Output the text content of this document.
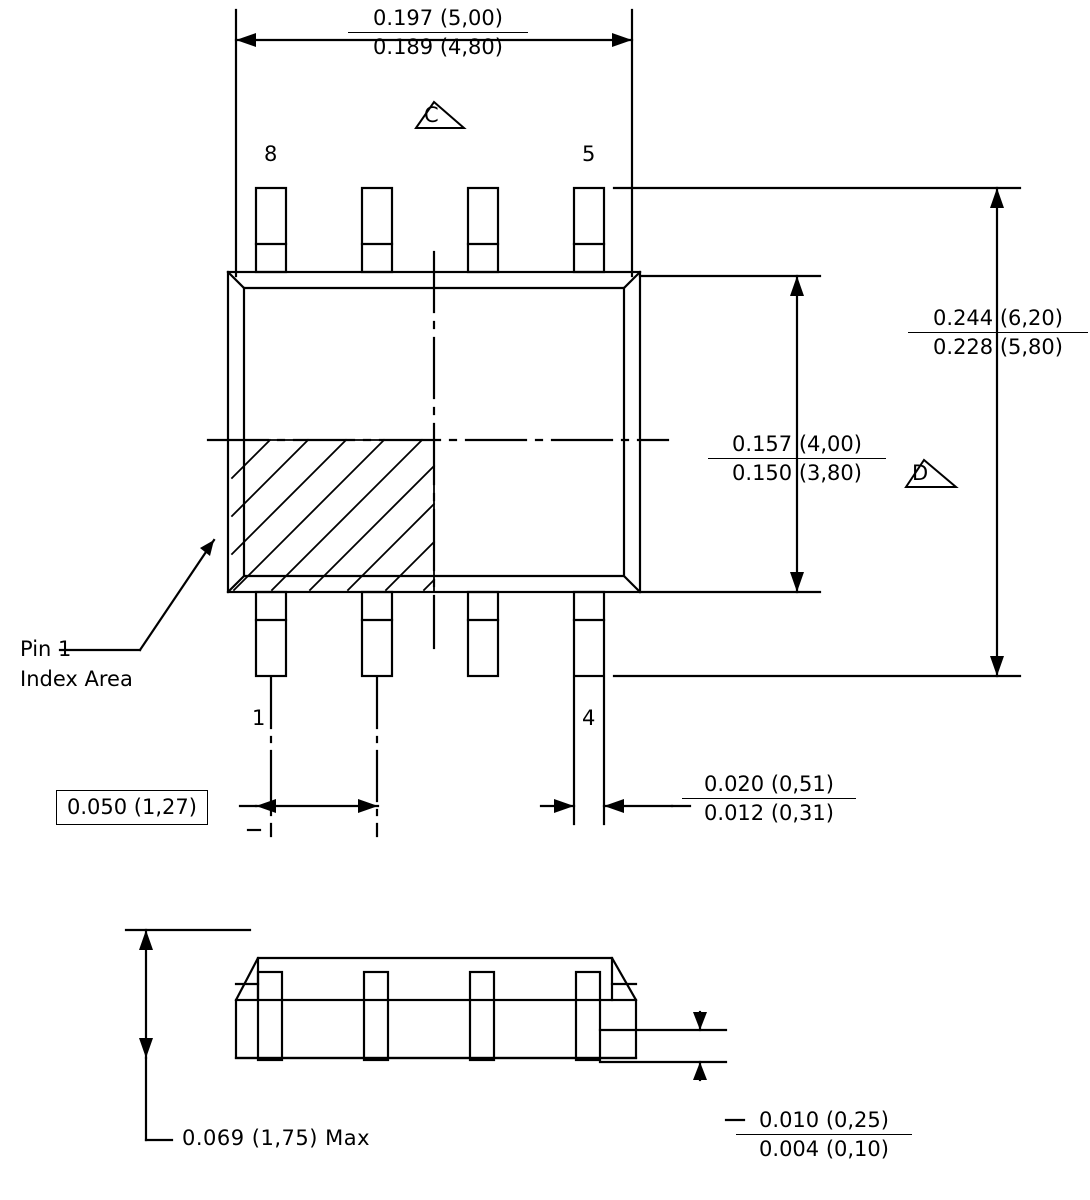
0.197 (5,00)
0.189 (4,80)
C
D
8	5
1	4
0.244 (6,20)
0.228 (5,80)
0.157 (4,00)
0.150 (3,80)
Pin 1
Index Area
0.050 (1,27)
0.020 (0,51)
0.012 (0,31)
0.069 (1,75) Max
0.010 (0,25)
0.004 (0,10)
